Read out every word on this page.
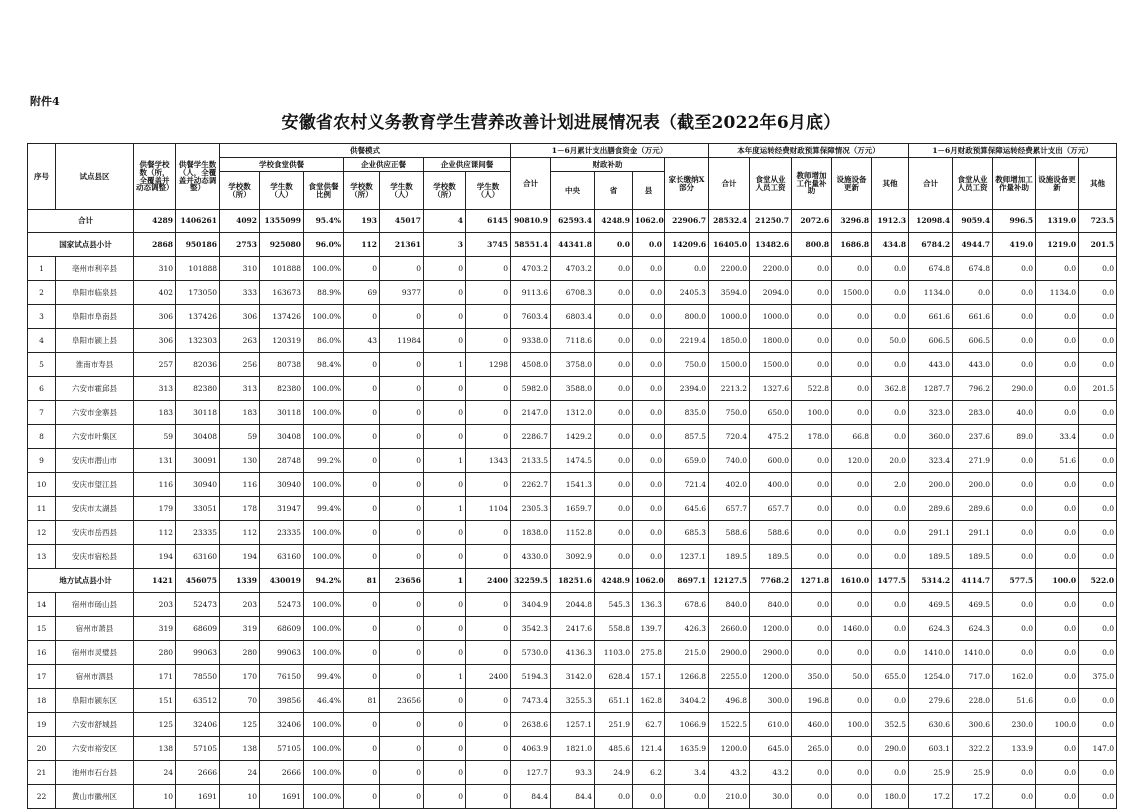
附件4
安徽省农村义务教育学生营养改善计划进展情况表（截至2022年6月底）
序号	试点县区	供餐学校数（所，全覆盖并动态调整）	供餐学生数（人，全覆盖并动态调整）	供餐模式							1－6月累计支出膳食资金（万元）					本年度运转经费财政预算保障情况（万元）					1－6月财政预算保障运转经费累计支出（万元）				
				学校食堂供餐			企业供应正餐		企业供应课间餐		合计	财政补助			家长缴纳X部分	合计	食堂从业人员工资	教师增加工作量补助	设施设备更新	其他	合计	食堂从业人员工资	教师增加工作量补助	设施设备更新	其他
				学校数（所）	学生数（人）	食堂供餐比例	学校数（所）	学生数（人）	学校数（所）	学生数（人）		中央	省	县											
合计		4289	1406261	4092	1355099	95.4%	193	45017	4	6145	90810.9	62593.4	4248.9	1062.0	22906.7	28532.4	21250.7	2072.6	3296.8	1912.3	12098.4	9059.4	996.5	1319.0	723.5
国家试点县小计		2868	950186	2753	925080	96.0%	112	21361	3	3745	58551.4	44341.8	0.0	0.0	14209.6	16405.0	13482.6	800.8	1686.8	434.8	6784.2	4944.7	419.0	1219.0	201.5
1	亳州市利辛县	310	101888	310	101888	100.0%	0	0	0	0	4703.2	4703.2	0.0	0.0	0.0	2200.0	2200.0	0.0	0.0	0.0	674.8	674.8	0.0	0.0	0.0
2	阜阳市临泉县	402	173050	333	163673	88.9%	69	9377	0	0	9113.6	6708.3	0.0	0.0	2405.3	3594.0	2094.0	0.0	1500.0	0.0	1134.0	0.0	0.0	1134.0	0.0
3	阜阳市阜南县	306	137426	306	137426	100.0%	0	0	0	0	7603.4	6803.4	0.0	0.0	800.0	1000.0	1000.0	0.0	0.0	0.0	661.6	661.6	0.0	0.0	0.0
4	阜阳市颍上县	306	132303	263	120319	86.0%	43	11984	0	0	9338.0	7118.6	0.0	0.0	2219.4	1850.0	1800.0	0.0	0.0	50.0	606.5	606.5	0.0	0.0	0.0
5	淮南市寿县	257	82036	256	80738	98.4%	0	0	1	1298	4508.0	3758.0	0.0	0.0	750.0	1500.0	1500.0	0.0	0.0	0.0	443.0	443.0	0.0	0.0	0.0
6	六安市霍邱县	313	82380	313	82380	100.0%	0	0	0	0	5982.0	3588.0	0.0	0.0	2394.0	2213.2	1327.6	522.8	0.0	362.8	1287.7	796.2	290.0	0.0	201.5
7	六安市金寨县	183	30118	183	30118	100.0%	0	0	0	0	2147.0	1312.0	0.0	0.0	835.0	750.0	650.0	100.0	0.0	0.0	323.0	283.0	40.0	0.0	0.0
8	六安市叶集区	59	30408	59	30408	100.0%	0	0	0	0	2286.7	1429.2	0.0	0.0	857.5	720.4	475.2	178.0	66.8	0.0	360.0	237.6	89.0	33.4	0.0
9	安庆市潜山市	131	30091	130	28748	99.2%	0	0	1	1343	2133.5	1474.5	0.0	0.0	659.0	740.0	600.0	0.0	120.0	20.0	323.4	271.9	0.0	51.6	0.0
10	安庆市望江县	116	30940	116	30940	100.0%	0	0	0	0	2262.7	1541.3	0.0	0.0	721.4	402.0	400.0	0.0	0.0	2.0	200.0	200.0	0.0	0.0	0.0
11	安庆市太湖县	179	33051	178	31947	99.4%	0	0	1	1104	2305.3	1659.7	0.0	0.0	645.6	657.7	657.7	0.0	0.0	0.0	289.6	289.6	0.0	0.0	0.0
12	安庆市岳西县	112	23335	112	23335	100.0%	0	0	0	0	1838.0	1152.8	0.0	0.0	685.3	588.6	588.6	0.0	0.0	0.0	291.1	291.1	0.0	0.0	0.0
13	安庆市宿松县	194	63160	194	63160	100.0%	0	0	0	0	4330.0	3092.9	0.0	0.0	1237.1	189.5	189.5	0.0	0.0	0.0	189.5	189.5	0.0	0.0	0.0
地方试点县小计		1421	456075	1339	430019	94.2%	81	23656	1	2400	32259.5	18251.6	4248.9	1062.0	8697.1	12127.5	7768.2	1271.8	1610.0	1477.5	5314.2	4114.7	577.5	100.0	522.0
14	宿州市砀山县	203	52473	203	52473	100.0%	0	0	0	0	3404.9	2044.8	545.3	136.3	678.6	840.0	840.0	0.0	0.0	0.0	469.5	469.5	0.0	0.0	0.0
15	宿州市萧县	319	68609	319	68609	100.0%	0	0	0	0	3542.3	2417.6	558.8	139.7	426.3	2660.0	1200.0	0.0	1460.0	0.0	624.3	624.3	0.0	0.0	0.0
16	宿州市灵璧县	280	99063	280	99063	100.0%	0	0	0	0	5730.0	4136.3	1103.0	275.8	215.0	2900.0	2900.0	0.0	0.0	0.0	1410.0	1410.0	0.0	0.0	0.0
17	宿州市泗县	171	78550	170	76150	99.4%	0	0	1	2400	5194.3	3142.0	628.4	157.1	1266.8	2255.0	1200.0	350.0	50.0	655.0	1254.0	717.0	162.0	0.0	375.0
18	阜阳市颍东区	151	63512	70	39856	46.4%	81	23656	0	0	7473.4	3255.3	651.1	162.8	3404.2	496.8	300.0	196.8	0.0	0.0	279.6	228.0	51.6	0.0	0.0
19	六安市舒城县	125	32406	125	32406	100.0%	0	0	0	0	2638.6	1257.1	251.9	62.7	1066.9	1522.5	610.0	460.0	100.0	352.5	630.6	300.6	230.0	100.0	0.0
20	六安市裕安区	138	57105	138	57105	100.0%	0	0	0	0	4063.9	1821.0	485.6	121.4	1635.9	1200.0	645.0	265.0	0.0	290.0	603.1	322.2	133.9	0.0	147.0
21	池州市石台县	24	2666	24	2666	100.0%	0	0	0	0	127.7	93.3	24.9	6.2	3.4	43.2	43.2	0.0	0.0	0.0	25.9	25.9	0.0	0.0	0.0
22	黄山市徽州区	10	1691	10	1691	100.0%	0	0	0	0	84.4	84.4	0.0	0.0	0.0	210.0	30.0	0.0	0.0	180.0	17.2	17.2	0.0	0.0	0.0
